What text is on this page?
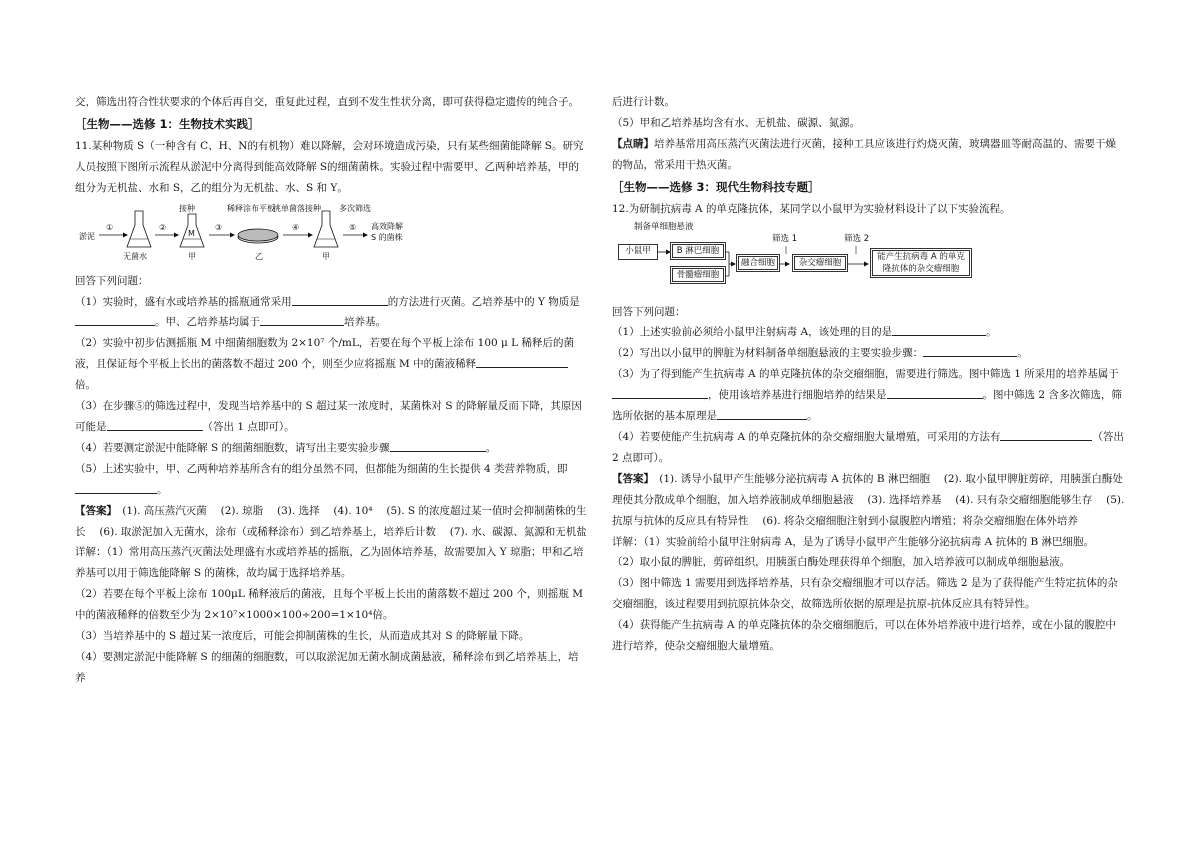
交，筛选出符合性状要求的个体后再自交，重复此过程，直到不发生性状分离，即可获得稳定遗传的纯合子。

［生物——选修 1：生物技术实践］

11.某种物质 S（一种含有 C、H、N的有机物）难以降解，会对环境造成污染，只有某些细菌能降解 S。研究人员按照下图所示流程从淤泥中分离得到能高效降解 S的细菌菌株。实验过程中需要甲、乙两种培养基，甲的组分为无机盐、水和 S，乙的组分为无机盐、水、S 和 Y。

淤泥
①
无菌水
②
接种
M
甲
③
稀释涂布平板
乙
④
挑单菌落接种
甲
⑤
多次筛选
高效降解
S 的菌株

回答下列问题：

（1）实验时，盛有水或培养基的摇瓶通常采用	的方法进行灭菌。乙培养基中的 Y 物质是。甲、乙培养基均属于	培养基。

（2）实验中初步估测摇瓶 M 中细菌细胞数为 2×10⁷ 个/mL，若要在每个平板上涂布 100 μ L 稀释后的菌液，且保证每个平板上长出的菌落数不超过 200 个，则至少应将摇瓶 M 中的菌液稀释倍。

（3）在步骤⑤的筛选过程中，发现当培养基中的 S 超过某一浓度时，某菌株对 S 的降解量反而下降，其原因可能是	（答出 1 点即可）。

（4）若要测定淤泥中能降解 S 的细菌细胞数，请写出主要实验步骤	。

（5）上述实验中，甲、乙两种培养基所含有的组分虽然不同，但都能为细菌的生长提供 4 类营养物质，即。

【答案】　 (1). 高压蒸汽灭菌　 (2). 琼脂　 (3). 选择　 (4). 10⁴　 (5). S 的浓度超过某一值时会抑制菌株的生长　 (6). 取淤泥加入无菌水，涂布（或稀释涂布）到乙培养基上，培养后计数　 (7). 水、碳源、氮源和无机盐

详解：（1）常用高压蒸汽灭菌法处理盛有水或培养基的摇瓶，乙为固体培养基，故需要加入 Y 琼脂；甲和乙培养基可以用于筛选能降解 S 的菌株，故均属于选择培养基。

（2）若要在每个平板上涂布 100μL 稀释液后的菌液，且每个平板上长出的菌落数不超过 200 个，则摇瓶 M 中的菌液稀释的倍数至少为 2×10⁷×1000×100÷200=1×10⁴倍。

（3）当培养基中的 S 超过某一浓度后，可能会抑制菌株的生长，从而造成其对 S 的降解量下降。

（4）要测定淤泥中能降解 S 的细菌的细胞数，可以取淤泥加无菌水制成菌悬液，稀释涂布到乙培养基上，培养

后进行计数。

（5）甲和乙培养基均含有水、无机盐、碳源、氮源。

【点睛】培养基常用高压蒸汽灭菌法进行灭菌，接种工具应该进行灼烧灭菌，玻璃器皿等耐高温的、需要干燥的物品，常采用干热灭菌。

［生物——选修 3：现代生物科技专题］

12.为研制抗病毒 A 的单克隆抗体，某同学以小鼠甲为实验材料设计了以下实验流程。

制备单细胞悬液
小鼠甲	B 淋巴细胞
骨髓瘤细胞
融合细胞
筛选 1
杂交瘤细胞
筛选 2
能产生抗病毒 A 的单克隆抗体的杂交瘤细胞

回答下列问题：

（1）上述实验前必须给小鼠甲注射病毒 A，该处理的目的是	。

（2）写出以小鼠甲的脾脏为材料制备单细胞悬液的主要实验步骤：	。

（3）为了得到能产生抗病毒 A 的单克隆抗体的杂交瘤细胞，需要进行筛选。图中筛选 1 所采用的培养基属于，使用该培养基进行细胞培养的结果是	。图中筛选 2 含多次筛选，筛选所依据的基本原理是	。

（4）若要使能产生抗病毒 A 的单克隆抗体的杂交瘤细胞大量增殖，可采用的方法有	（答出 2 点即可）。

【答案】　 (1). 诱导小鼠甲产生能够分泌抗病毒 A 抗体的 B 淋巴细胞　 (2). 取小鼠甲脾脏剪碎，用胰蛋白酶处理使其分散成单个细胞，加入培养液制成单细胞悬液　 (3). 选择培养基　 (4). 只有杂交瘤细胞能够生存　 (5). 抗原与抗体的反应具有特异性　 (6). 将杂交瘤细胞注射到小鼠腹腔内增殖；将杂交瘤细胞在体外培养

详解：（1）实验前给小鼠甲注射病毒 A，是为了诱导小鼠甲产生能够分泌抗病毒 A 抗体的 B 淋巴细胞。

（2）取小鼠的脾脏，剪碎组织，用胰蛋白酶处理获得单个细胞，加入培养液可以制成单细胞悬液。

（3）图中筛选 1 需要用到选择培养基，只有杂交瘤细胞才可以存活。筛选 2 是为了获得能产生特定抗体的杂交瘤细胞，该过程要用到抗原抗体杂交，故筛选所依据的原理是抗原-抗体反应具有特异性。

（4）获得能产生抗病毒 A 的单克隆抗体的杂交瘤细胞后，可以在体外培养液中进行培养，或在小鼠的腹腔中进行培养，使杂交瘤细胞大量增殖。
